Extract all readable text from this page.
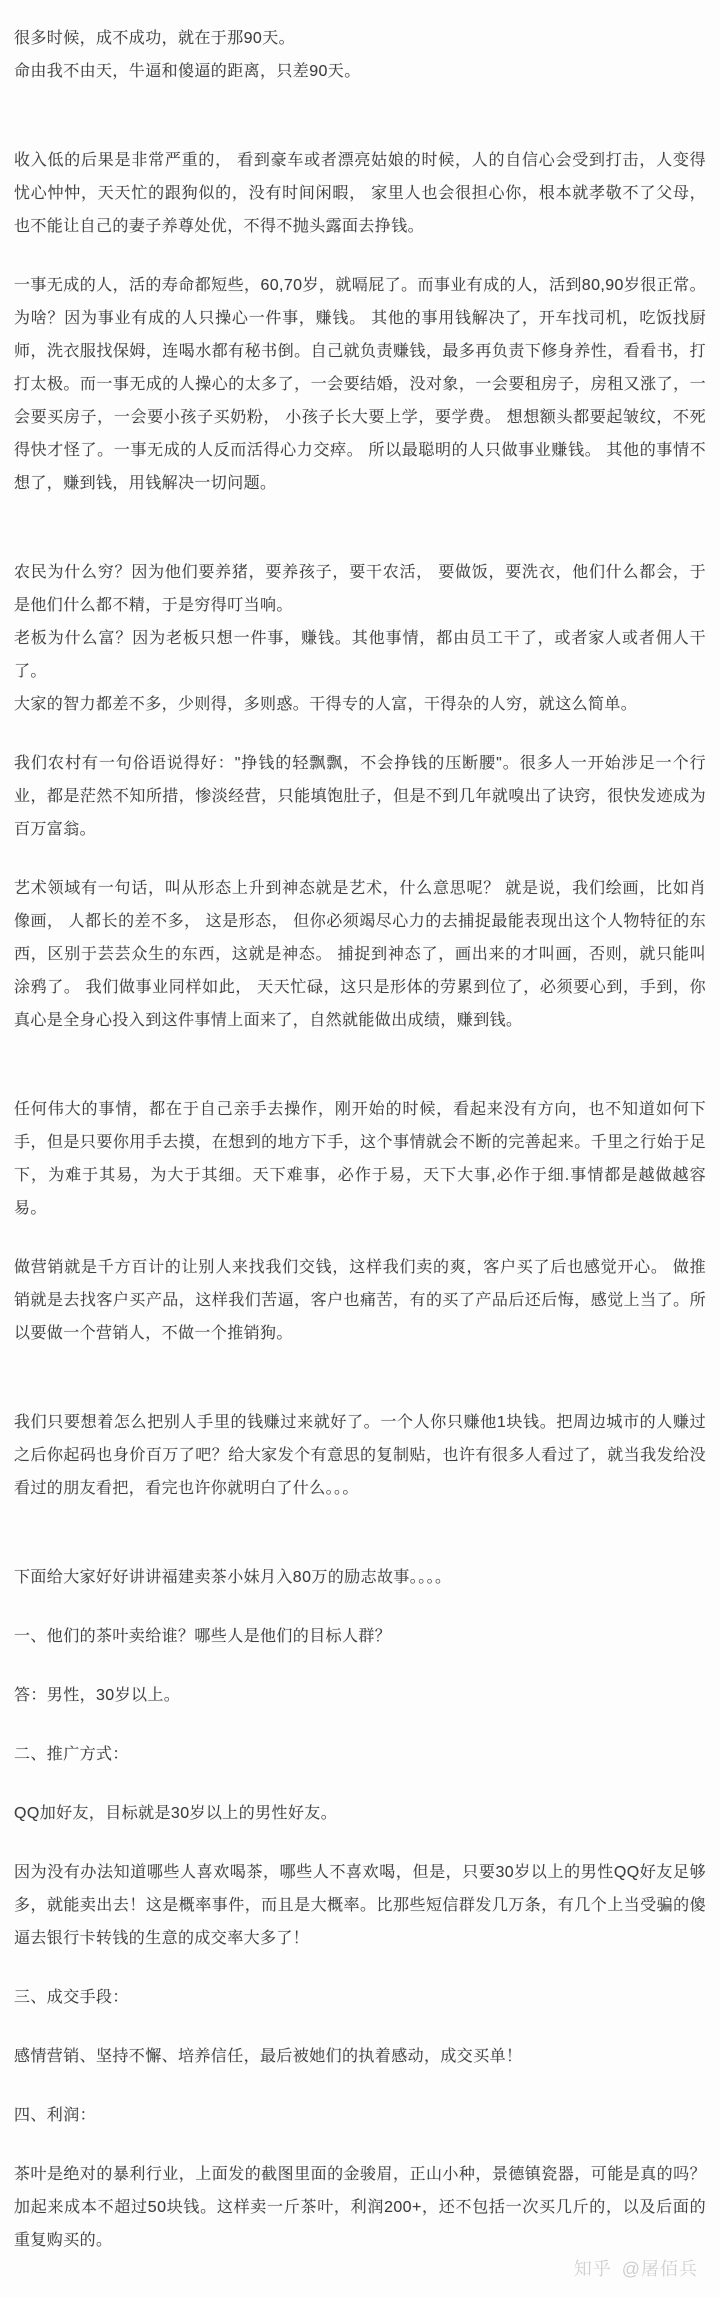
很多时候，成不成功，就在于那90天。

命由我不由天，牛逼和傻逼的距离，只差90天。

收入低的后果是非常严重的， 看到豪车或者漂亮姑娘的时候，人的自信心会受到打击，人变得忧心忡忡，天天忙的跟狗似的，没有时间闲暇， 家里人也会很担心你，根本就孝敬不了父母，也不能让自己的妻子养尊处优，不得不抛头露面去挣钱。

一事无成的人，活的寿命都短些，60,70岁，就嗝屁了。而事业有成的人，活到80,90岁很正常。为啥？因为事业有成的人只操心一件事，赚钱。 其他的事用钱解决了，开车找司机，吃饭找厨师，洗衣服找保姆，连喝水都有秘书倒。自己就负责赚钱，最多再负责下修身养性，看看书，打打太极。而一事无成的人操心的太多了，一会要结婚，没对象，一会要租房子，房租又涨了，一会要买房子，一会要小孩子买奶粉， 小孩子长大要上学，要学费。 想想额头都要起皱纹，不死得快才怪了。一事无成的人反而活得心力交瘁。 所以最聪明的人只做事业赚钱。 其他的事情不想了，赚到钱，用钱解决一切问题。

农民为什么穷？因为他们要养猪，要养孩子，要干农活， 要做饭，要洗衣，他们什么都会，于是他们什么都不精，于是穷得叮当响。

老板为什么富？因为老板只想一件事，赚钱。其他事情，都由员工干了，或者家人或者佣人干了。

大家的智力都差不多，少则得，多则惑。干得专的人富，干得杂的人穷，就这么简单。

我们农村有一句俗语说得好："挣钱的轻飘飘，不会挣钱的压断腰"。很多人一开始涉足一个行业，都是茫然不知所措，惨淡经营，只能填饱肚子，但是不到几年就嗅出了诀窍，很快发迹成为百万富翁。

艺术领域有一句话，叫从形态上升到神态就是艺术，什么意思呢？ 就是说，我们绘画，比如肖像画， 人都长的差不多， 这是形态， 但你必须竭尽心力的去捕捉最能表现出这个人物特征的东西，区别于芸芸众生的东西，这就是神态。 捕捉到神态了，画出来的才叫画，否则，就只能叫涂鸦了。 我们做事业同样如此， 天天忙碌，这只是形体的劳累到位了，必须要心到，手到，你真心是全身心投入到这件事情上面来了，自然就能做出成绩，赚到钱。

任何伟大的事情，都在于自己亲手去操作，刚开始的时候，看起来没有方向，也不知道如何下手，但是只要你用手去摸，在想到的地方下手，这个事情就会不断的完善起来。千里之行始于足下，为难于其易，为大于其细。天下难事，必作于易，天下大事,必作于细.事情都是越做越容易。

做营销就是千方百计的让别人来找我们交钱，这样我们卖的爽，客户买了后也感觉开心。 做推销就是去找客户买产品，这样我们苦逼，客户也痛苦，有的买了产品后还后悔，感觉上当了。所以要做一个营销人，不做一个推销狗。

我们只要想着怎么把别人手里的钱赚过来就好了。一个人你只赚他1块钱。把周边城市的人赚过之后你起码也身价百万了吧？给大家发个有意思的复制贴，也许有很多人看过了，就当我发给没看过的朋友看把，看完也许你就明白了什么。。。

下面给大家好好讲讲福建卖茶小妹月入80万的励志故事。。。。

一、他们的茶叶卖给谁？哪些人是他们的目标人群？

答：男性，30岁以上。

二、推广方式：

QQ加好友，目标就是30岁以上的男性好友。

因为没有办法知道哪些人喜欢喝茶，哪些人不喜欢喝，但是，只要30岁以上的男性QQ好友足够多，就能卖出去！这是概率事件，而且是大概率。比那些短信群发几万条，有几个上当受骗的傻逼去银行卡转钱的生意的成交率大多了！

三、成交手段：

感情营销、坚持不懈、培养信任，最后被她们的执着感动，成交买单！

四、利润：

茶叶是绝对的暴利行业，上面发的截图里面的金骏眉，正山小种，景德镇瓷器，可能是真的吗？加起来成本不超过50块钱。这样卖一斤茶叶，利润200+，还不包括一次买几斤的，以及后面的重复购买的。

知乎 @屠佰兵
